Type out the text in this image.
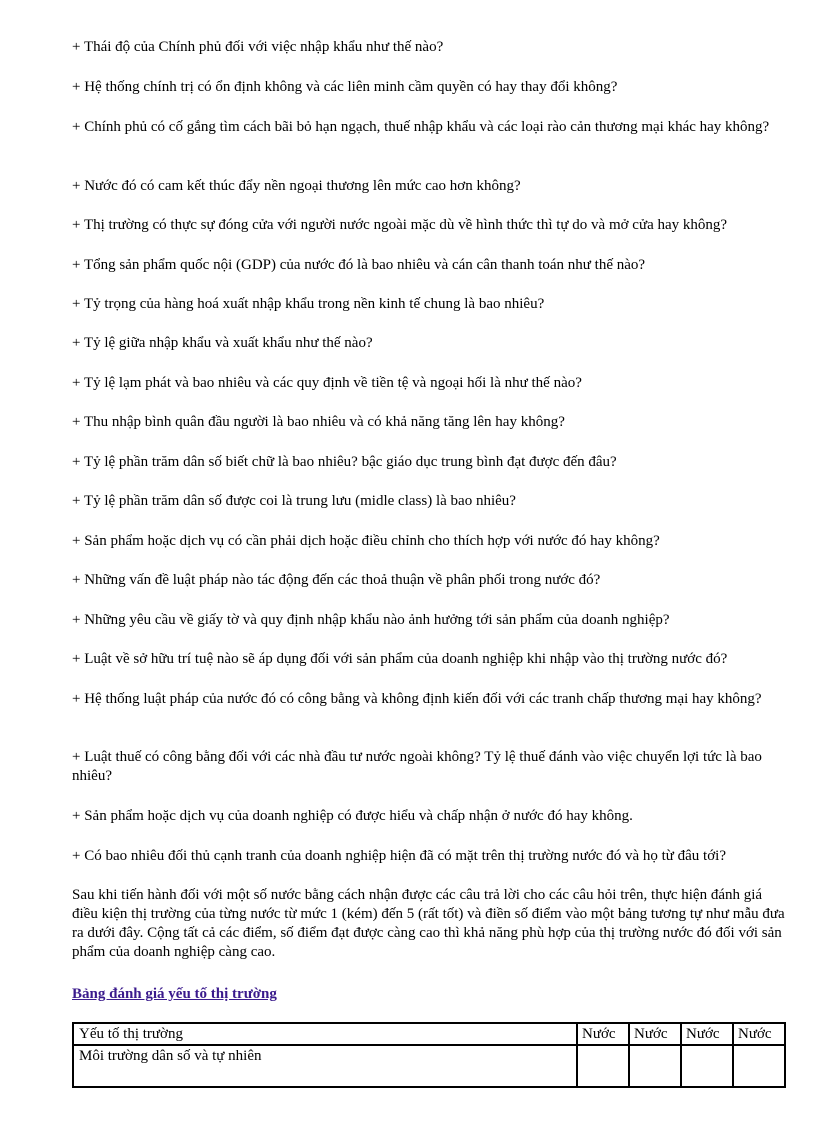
+ Thái độ của Chính phủ đối với việc nhập khẩu như thế nào?

+ Hệ thống chính trị có ổn định không và các liên minh cầm quyền có hay thay đổi không?

+ Chính phủ có cố gắng tìm cách bãi bỏ hạn ngạch, thuế nhập khẩu và các loại rào cản thương mại khác hay không?

+ Nước đó có cam kết thúc đẩy nền ngoại thương lên mức cao hơn không?

+ Thị trường có thực sự đóng cửa với người nước ngoài mặc dù về hình thức thì tự do và mở cửa hay không?

+ Tổng sản phẩm quốc nội (GDP) của nước đó là bao nhiêu và cán cân thanh toán như thế nào?

+ Tỷ trọng của hàng hoá xuất nhập khẩu trong nền kinh tế chung là bao nhiêu?

+ Tỷ lệ giữa nhập khẩu và xuất khẩu như thế nào?

+ Tỷ lệ lạm phát và bao nhiêu và các quy định về tiền tệ và ngoại hối là như thế nào?

+ Thu nhập bình quân đầu người là bao nhiêu và có khả năng tăng lên hay không?

+ Tỷ lệ phần trăm dân số biết chữ là bao nhiêu? bậc giáo dục trung bình đạt được đến đâu?

+ Tỷ lệ phần trăm dân số được coi là trung lưu (midle class) là bao nhiêu?

+ Sản phẩm hoặc dịch vụ có cần phải dịch hoặc điều chỉnh cho thích hợp với nước đó hay không?

+ Những vấn đề luật pháp nào tác động đến các thoả thuận về phân phối trong nước đó?

+ Những yêu cầu về giấy tờ và quy định nhập khẩu nào ảnh hưởng tới sản phẩm của doanh nghiệp?

+ Luật về sở hữu trí tuệ nào sẽ áp dụng đối với sản phẩm của doanh nghiệp khi nhập vào thị trường nước đó?

+ Hệ thống luật pháp của nước đó có công bằng và không định kiến đối với các tranh chấp thương mại hay không?

+ Luật thuế có công bằng đối với các nhà đầu tư nước ngoài không? Tỷ lệ thuế đánh vào việc chuyển lợi tức là bao nhiêu?

+ Sản phẩm hoặc dịch vụ của doanh nghiệp có được hiểu và chấp nhận ở nước đó hay không.

+ Có bao nhiêu đối thủ cạnh tranh của doanh nghiệp hiện đã có mặt trên thị trường nước đó và họ từ đâu tới?

Sau khi tiến hành đối với một số nước bằng cách nhận được các câu trả lời cho các câu hỏi trên, thực hiện đánh giá điều kiện thị trường của từng nước từ mức 1 (kém) đến 5 (rất tốt) và điền số điểm vào một bảng tương tự như mẫu đưa ra dưới đây. Cộng tất cả các điểm, số điểm đạt được càng cao thì khả năng phù hợp của thị trường nước đó đối với sản phẩm của doanh nghiệp càng cao.

Bảng đánh giá yếu tố thị trường

Yếu tố thị trường	Nước	Nước	Nước	Nước
Môi trường dân số và tự nhiên				
